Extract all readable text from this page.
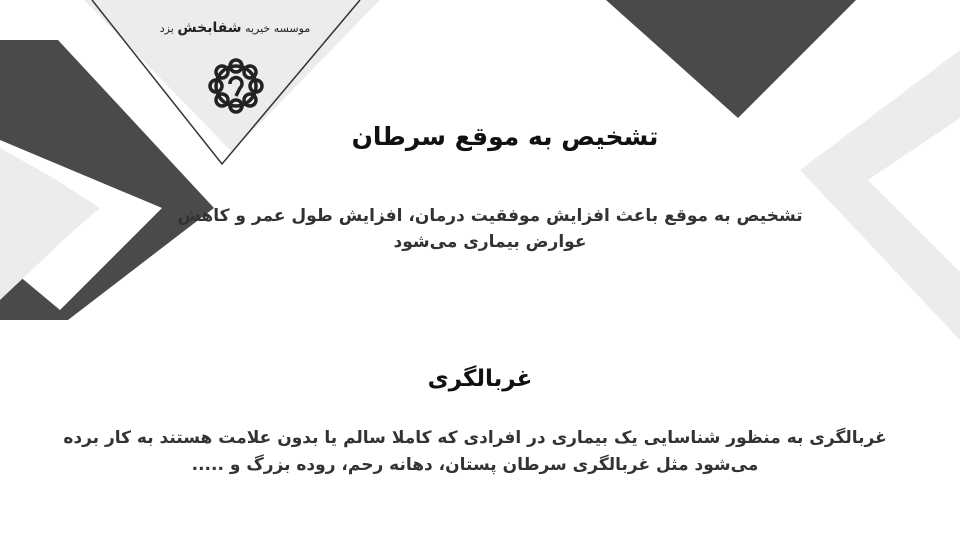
موسسه خیریه شفابخش یزد
تشخیص به موقع سرطان
تشخیص به موقع باعث افزایش موفقیت درمان، افزایش طول عمر و کاهش عوارض بیماری می‌شود
غربالگری
غربالگری به منظور شناسایی یک بیماری در افرادی که کاملا سالم یا بدون علامت هستند به کار برده می‌شود مثل غربالگری سرطان پستان، دهانه رحم، روده بزرگ و .....
